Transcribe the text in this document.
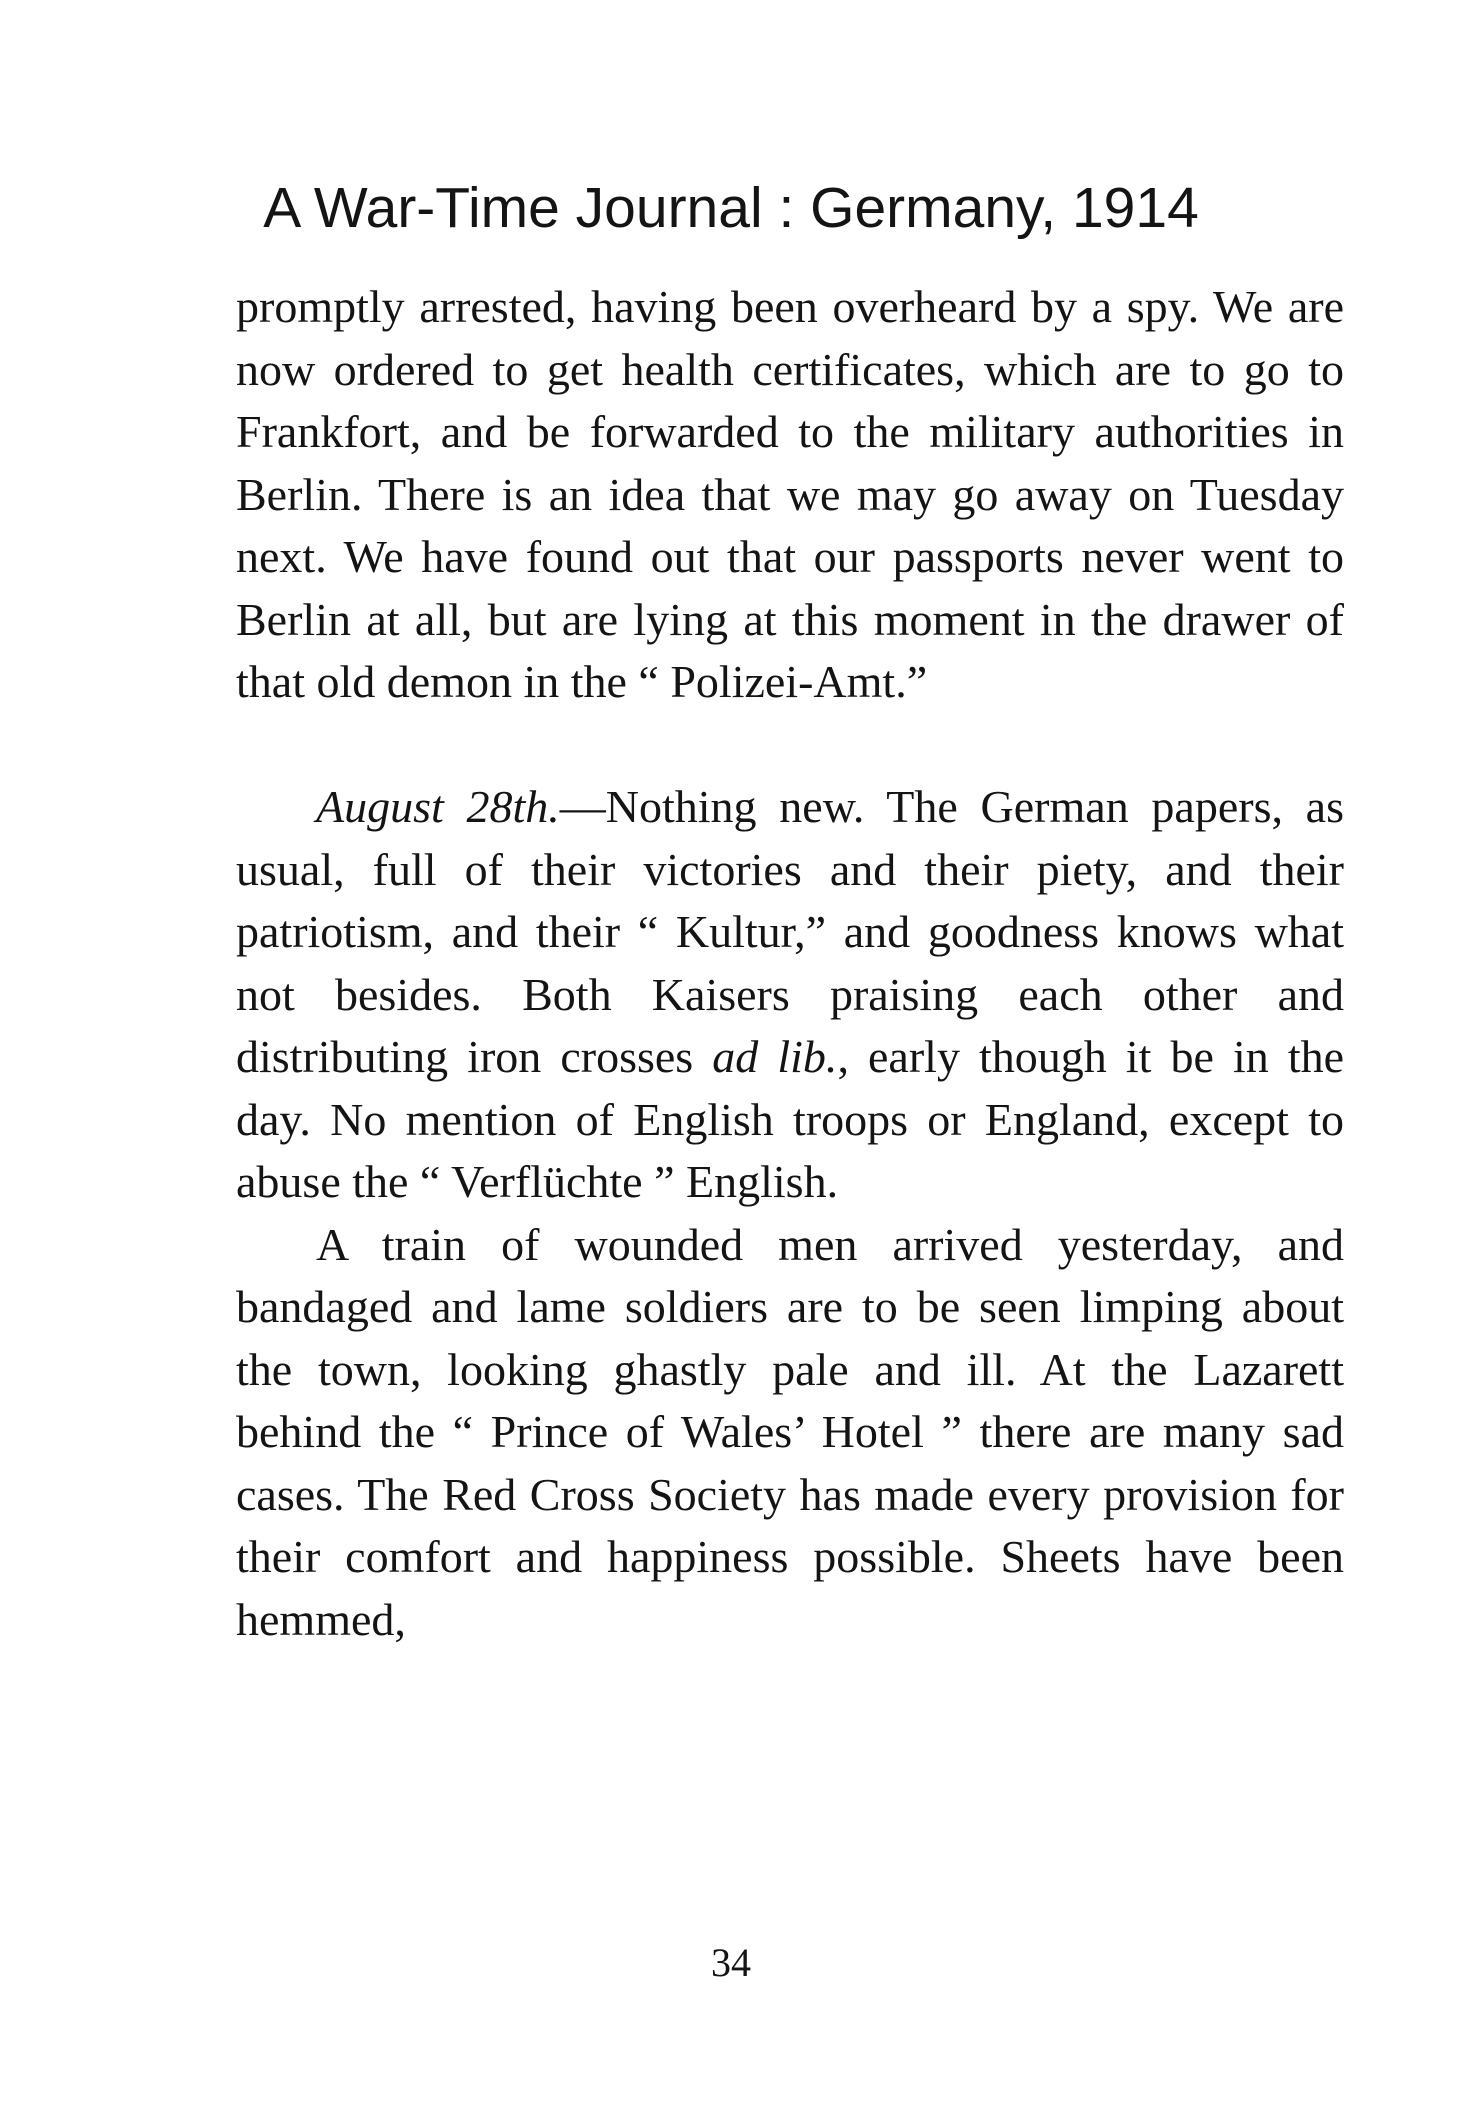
A War-Time Journal : Germany, 1914

promptly arrested, having been overheard by a spy. We are now ordered to get health certificates, which are to go to Frankfort, and be forwarded to the military authorities in Berlin. There is an idea that we may go away on Tuesday next. We have found out that our passports never went to Berlin at all, but are lying at this moment in the drawer of that old demon in the “ Polizei-Amt.”

August 28th.—Nothing new. The German papers, as usual, full of their victories and their piety, and their patriotism, and their “ Kultur,” and goodness knows what not besides. Both Kaisers praising each other and distributing iron crosses ad lib., early though it be in the day. No mention of English troops or England, except to abuse the “ Verflüchte ” English.

A train of wounded men arrived yesterday, and bandaged and lame soldiers are to be seen limping about the town, looking ghastly pale and ill. At the Lazarett behind the “ Prince of Wales’ Hotel ” there are many sad cases. The Red Cross Society has made every provision for their comfort and happiness possible. Sheets have been hemmed,

34
